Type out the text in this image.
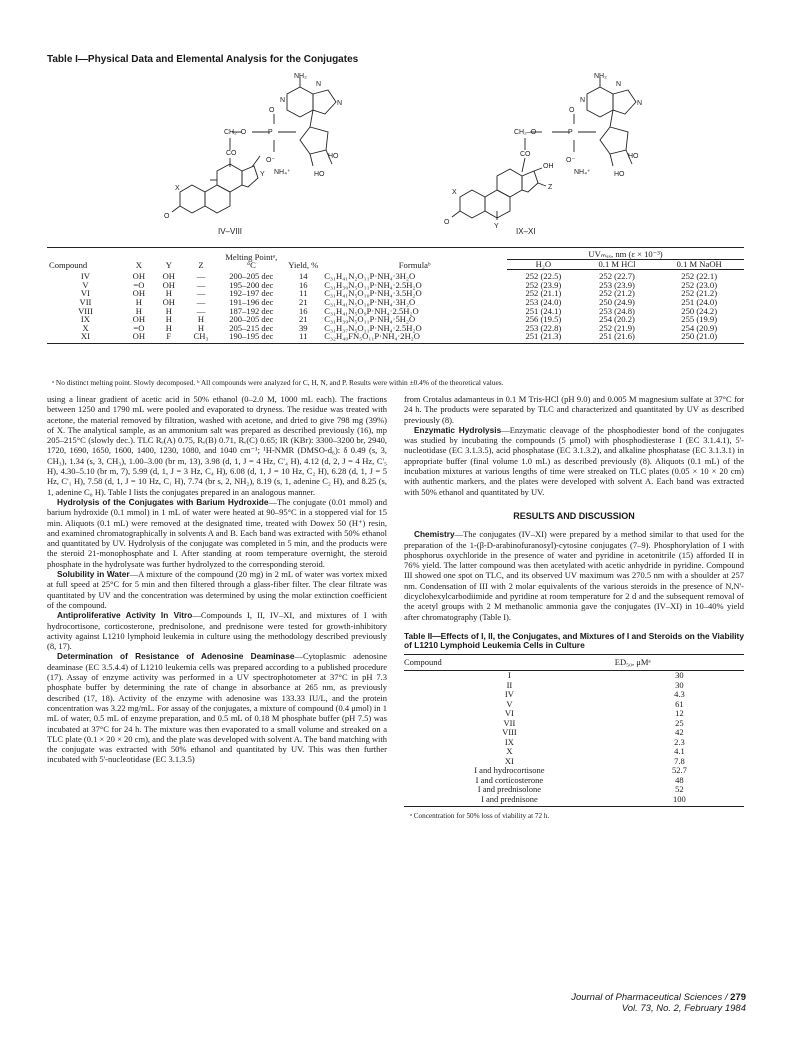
Table I—Physical Data and Elemental Analysis for the Conjugates
NH₂
N
N
N
CH₂–O	P
O
O⁻
NH₄⁺
CO
HO
HO
X
Y
O
IV–VIII
NH₂
N
N
N
CH₂–O	P
O
O⁻
NH₄⁺
CO
OH
Z
HO
HO
X
Y
O
IX–XI
Compound	X	Y	Z	Melting Pointᵃ, °C	Yield, %	Formulaᵇ	UVₘₐₓ, nm (ε × 10⁻³)		
							H₂O	0.1 M HCl	0.1 M NaOH
IV	OH	OH	—	200–205 dec	14	C₃₁H₄₁N₂O₁₁P·NH₄·3H₂O	252 (22.5)	252 (22.7)	252 (22.1)
V	=O	OH	—	195–200 dec	16	C₃₁H₃₉N₅O₁₁P·NH₄·2.5H₂O	252 (23.9)	253 (23.9)	252 (23.0)
VI	OH	H	—	192–197 dec	11	C₃₁H₄₁N₅O₁₀P·NH₄·3.5H₂O	252 (21.1)	252 (21.2)	252 (21.2)
VII	H	OH	—	191–196 dec	21	C₃₁H₄₁N₅O₁₀P·NH₄·3H₂O	253 (24.0)	250 (24.9)	251 (24.0)
VIII	H	H	—	187–192 dec	16	C₃₁H₄₁N₅O₉P·NH₄·2.5H₂O	251 (24.1)	253 (24.8)	250 (24.2)
IX	OH	H	H	200–205 dec	21	C₃₁H₃₉N₅O₁₁P·NH₄·5H₂O	256 (19.5)	254 (20.2)	255 (19.9)
X	=O	H	H	205–215 dec	39	C₃₁H₃₇N₅O₁₁P·NH₄·2.5H₂O	253 (22.8)	252 (21.9)	254 (20.9)
XI	OH	F	CH₃	190–195 dec	11	C₃₂H₄₀FN₅O₁₁P·NH₄·2H₂O	251 (21.3)	251 (21.6)	250 (21.0)
ᵃ No distinct melting point. Slowly decomposed. ᵇ All compounds were analyzed for C, H, N, and P. Results were within ±0.4% of the theoretical values.

using a linear gradient of acetic acid in 50% ethanol (0–2.0 M, 1000 mL each). The fractions between 1250 and 1790 mL were pooled and evaporated to dryness. The residue was treated with acetone, the material removed by filtration, washed with acetone, and dried to give 798 mg (39%) of X. The analytical sample, as an ammonium salt was prepared as described previously (16), mp 205–215°C (slowly dec.). TLC Rₑ(A) 0.75, Rₑ(B) 0.71, Rₑ(C) 0.65; IR (KBr): 3300–3200 br, 2940, 1720, 1690, 1650, 1600, 1400, 1230, 1080, and 1040 cm⁻¹; ¹H-NMR (DMSO-d₆): δ 0.49 (s, 3, CH₃), 1.34 (s, 3, CH₃), 1.00–3.00 (br m, 13), 3.98 (d, 1, J = 4 Hz, C'₄ H), 4.12 (d, 2, J = 4 Hz, C'₅ H), 4.30–5.10 (br m, 7), 5.99 (d, 1, J = 3 Hz, C₄ H), 6.08 (d, 1, J = 10 Hz, C₂ H), 6.28 (d, 1, J = 5 Hz, C'₁ H), 7.58 (d, 1, J = 10 Hz, C₁ H), 7.74 (br s, 2, NH₂), 8.19 (s, 1, adenine C₂ H), and 8.25 (s, 1, adenine C₈ H). Table I lists the conjugates prepared in an analogous manner.

Hydrolysis of the Conjugates with Barium Hydroxide—The conjugate (0.01 mmol) and barium hydroxide (0.1 mmol) in 1 mL of water were heated at 90–95°C in a stoppered vial for 15 min. Aliquots (0.1 mL) were removed at the designated time, treated with Dowex 50 (H⁺) resin, and examined chromatographically in solvents A and B. Each band was extracted with 50% ethanol and quantitated by UV. Hydrolysis of the conjugate was completed in 5 min, and the products were the steroid 21-monophosphate and I. After standing at room temperature overnight, the steroid phosphate in the hydrolysate was further hydrolyzed to the corresponding steroid.

Solubility in Water—A mixture of the compound (20 mg) in 2 mL of water was vortex mixed at full speed at 25°C for 5 min and then filtered through a glass-fiber filter. The clear filtrate was quantitated by UV and the concentration was determined by using the molar extinction coefficient of the compound.

Antiproliferative Activity In Vitro—Compounds I, II, IV–XI, and mixtures of I with hydrocortisone, corticosterone, prednisolone, and prednisone were tested for growth-inhibitory activity against L1210 lymphoid leukemia in culture using the methodology described previously (8, 17).

Determination of Resistance of Adenosine Deaminase—Cytoplasmic adenosine deaminase (EC 3.5.4.4) of L1210 leukemia cells was prepared according to a published procedure (17). Assay of enzyme activity was performed in a UV spectrophotometer at 37°C in pH 7.3 phosphate buffer by determining the rate of change in absorbance at 265 nm, as previously described (17, 18). Activity of the enzyme with adenosine was 133.33 IU/L, and the protein concentration was 3.22 mg/mL. For assay of the conjugates, a mixture of compound (0.4 μmol) in 1 mL of water, 0.5 mL of enzyme preparation, and 0.5 mL of 0.18 M phosphate buffer (pH 7.5) was incubated at 37°C for 24 h. The mixture was then evaporated to a small volume and streaked on a TLC plate (0.1 × 20 × 20 cm), and the plate was developed with solvent A. The band matching with the conjugate was extracted with 50% ethanol and quantitated by UV. This was then further incubated with 5'-nucleotidase (EC 3.1.3.5)

from Crotalus adamanteus in 0.1 M Tris-HCl (pH 9.0) and 0.005 M magnesium sulfate at 37°C for 24 h. The products were separated by TLC and characterized and quantitated by UV as described previously (8).

Enzymatic Hydrolysis—Enzymatic cleavage of the phosphodiester bond of the conjugates was studied by incubating the compounds (5 μmol) with phosphodiesterase I (EC 3.1.4.1), 5'-nucleotidase (EC 3.1.3.5), acid phosphatase (EC 3.1.3.2), and alkaline phosphatase (EC 3.1.3.1) in appropriate buffer (final volume 1.0 mL) as described previously (8). Aliquots (0.1 mL) of the incubation mixtures at various lengths of time were streaked on TLC plates (0.05 × 10 × 20 cm) with authentic markers, and the plates were developed with solvent A. Each band was extracted with 50% ethanol and quantitated by UV.

RESULTS AND DISCUSSION

Chemistry—The conjugates (IV–XI) were prepared by a method similar to that used for the preparation of the 1-(β-D-arabinofuranosyl)-cytosine conjugates (7–9). Phosphorylation of I with phosphorus oxychloride in the presence of water and pyridine in acetonitrile (15) afforded II in 76% yield. The latter compound was then acetylated with acetic anhydride in pyridine. Compound III showed one spot on TLC, and its observed UV maximum was 270.5 nm with a shoulder at 257 nm. Condensation of III with 2 molar equivalents of the various steroids in the presence of N,N'-dicyclohexylcarbodiimide and pyridine at room temperature for 2 d and the subsequent removal of the acetyl groups with 2 M methanolic ammonia gave the conjugates (IV–XI) in 10–40% yield after chromatography (Table I).

Table II—Effects of I, II, the Conjugates, and Mixtures of I and Steroids on the Viability of L1210 Lymphoid Leukemia Cells in Culture
Compound	ED₅₀, μMᵃ
I	30
II	30
IV	4.3
V	61
VI	12
VII	25
VIII	42
IX	2.3
X	4.1
XI	7.8
I and hydrocortisone	52.7
I and corticosterone	48
I and prednisolone	52
I and prednisone	100
ᵃ Concentration for 50% loss of viability at 72 h.
Journal of Pharmaceutical Sciences / 279
Vol. 73, No. 2, February 1984
